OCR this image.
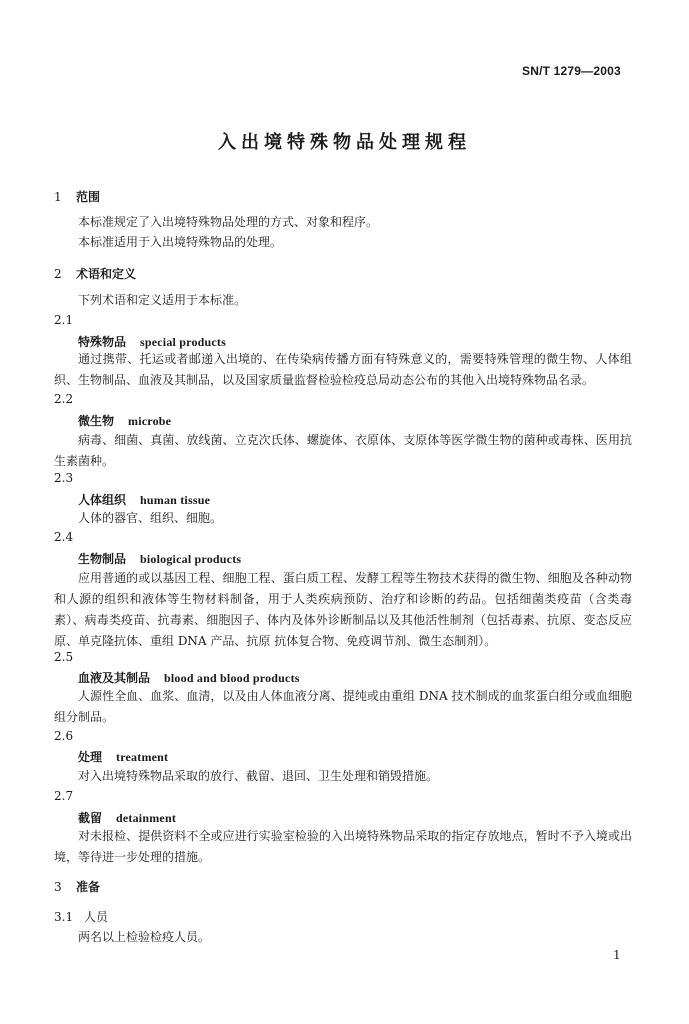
SN/T 1279—2003
入出境特殊物品处理规程
1 范围
本标准规定了入出境特殊物品处理的方式、对象和程序。
本标准适用于入出境特殊物品的处理。
2 术语和定义
下列术语和定义适用于本标准。
2.1
特殊物品 special products
通过携带、托运或者邮递入出境的、在传染病传播方面有特殊意义的，需要特殊管理的微生物、人体组织、生物制品、血液及其制品，以及国家质量监督检验检疫总局动态公布的其他入出境特殊物品名录。
2.2
微生物 microbe
病毒、细菌、真菌、放线菌、立克次氏体、螺旋体、衣原体、支原体等医学微生物的菌种或毒株、医用抗生素菌种。
2.3
人体组织 human tissue
人体的器官、组织、细胞。
2.4
生物制品 biological products
应用普通的或以基因工程、细胞工程、蛋白质工程、发酵工程等生物技术获得的微生物、细胞及各种动物和人源的组织和液体等生物材料制备，用于人类疾病预防、治疗和诊断的药品。包括细菌类疫苗（含类毒素）、病毒类疫苗、抗毒素、细胞因子、体内及体外诊断制品以及其他活性制剂（包括毒素、抗原、变态反应原、单克隆抗体、重组 DNA 产品、抗原 抗体复合物、免疫调节剂、微生态制剂）。
2.5
血液及其制品 blood and blood products
人源性全血、血浆、血清，以及由人体血液分离、提纯或由重组 DNA 技术制成的血浆蛋白组分或血细胞组分制品。
2.6
处理 treatment
对入出境特殊物品采取的放行、截留、退回、卫生处理和销毁措施。
2.7
截留 detainment
对未报检、提供资料不全或应进行实验室检验的入出境特殊物品采取的指定存放地点，暂时不予入境或出境，等待进一步处理的措施。
3 准备
3.1 人员
两名以上检验检疫人员。
1
